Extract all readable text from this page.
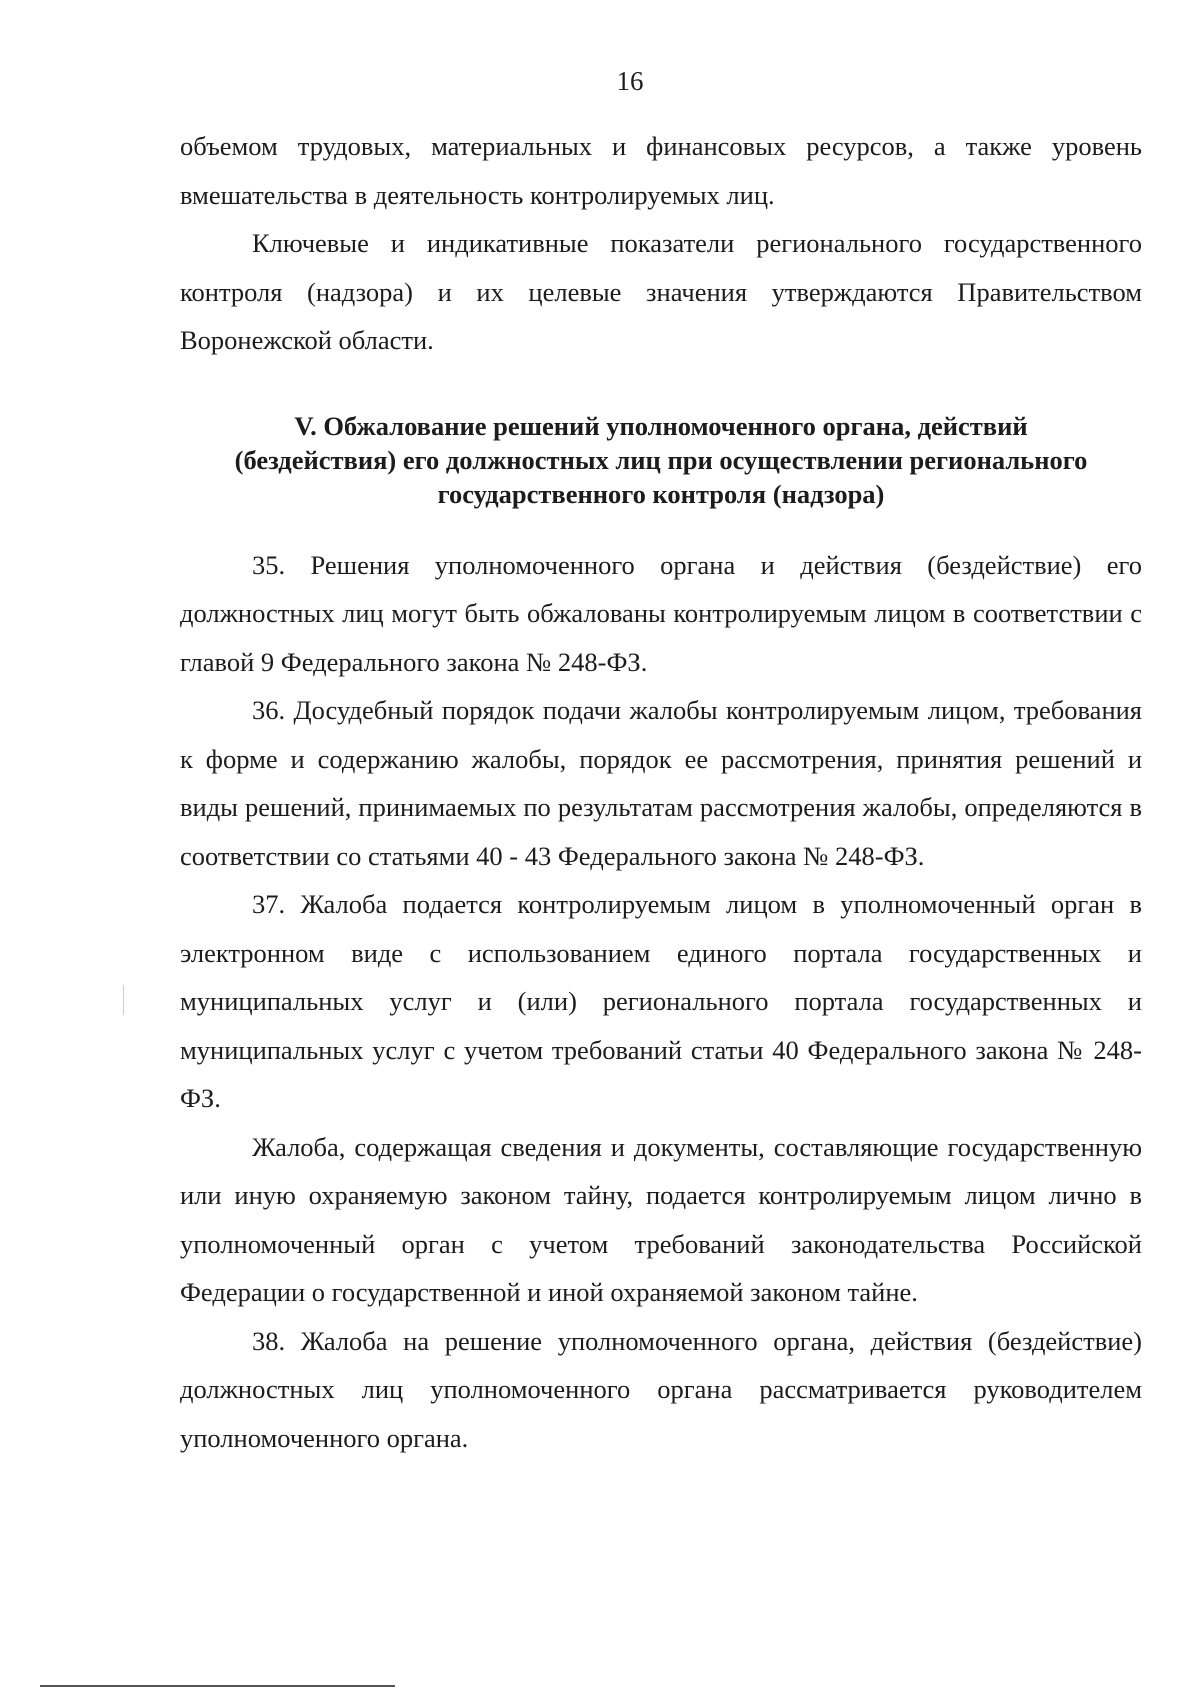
16

объемом трудовых, материальных и финансовых ресурсов, а также уровень вмешательства в деятельность контролируемых лиц.

Ключевые и индикативные показатели регионального государственного контроля (надзора) и их целевые значения утверждаются Правительством Воронежской области.

V. Обжалование решений уполномоченного органа, действий
(бездействия) его должностных лиц при осуществлении регионального
государственного контроля (надзора)

35. Решения уполномоченного органа и действия (бездействие) его должностных лиц могут быть обжалованы контролируемым лицом в соответствии с главой 9 Федерального закона № 248-ФЗ.

36. Досудебный порядок подачи жалобы контролируемым лицом, требования к форме и содержанию жалобы, порядок ее рассмотрения, принятия решений и виды решений, принимаемых по результатам рассмотрения жалобы, определяются в соответствии со статьями 40 - 43 Федерального закона № 248-ФЗ.

37. Жалоба подается контролируемым лицом в уполномоченный орган в электронном виде с использованием единого портала государственных и муниципальных услуг и (или) регионального портала государственных и муниципальных услуг с учетом требований статьи 40 Федерального закона № 248-ФЗ.

Жалоба, содержащая сведения и документы, составляющие государственную или иную охраняемую законом тайну, подается контролируемым лицом лично в уполномоченный орган с учетом требований законодательства Российской Федерации о государственной и иной охраняемой законом тайне.

38. Жалоба на решение уполномоченного органа, действия (бездействие) должностных лиц уполномоченного органа рассматривается руководителем уполномоченного органа.
